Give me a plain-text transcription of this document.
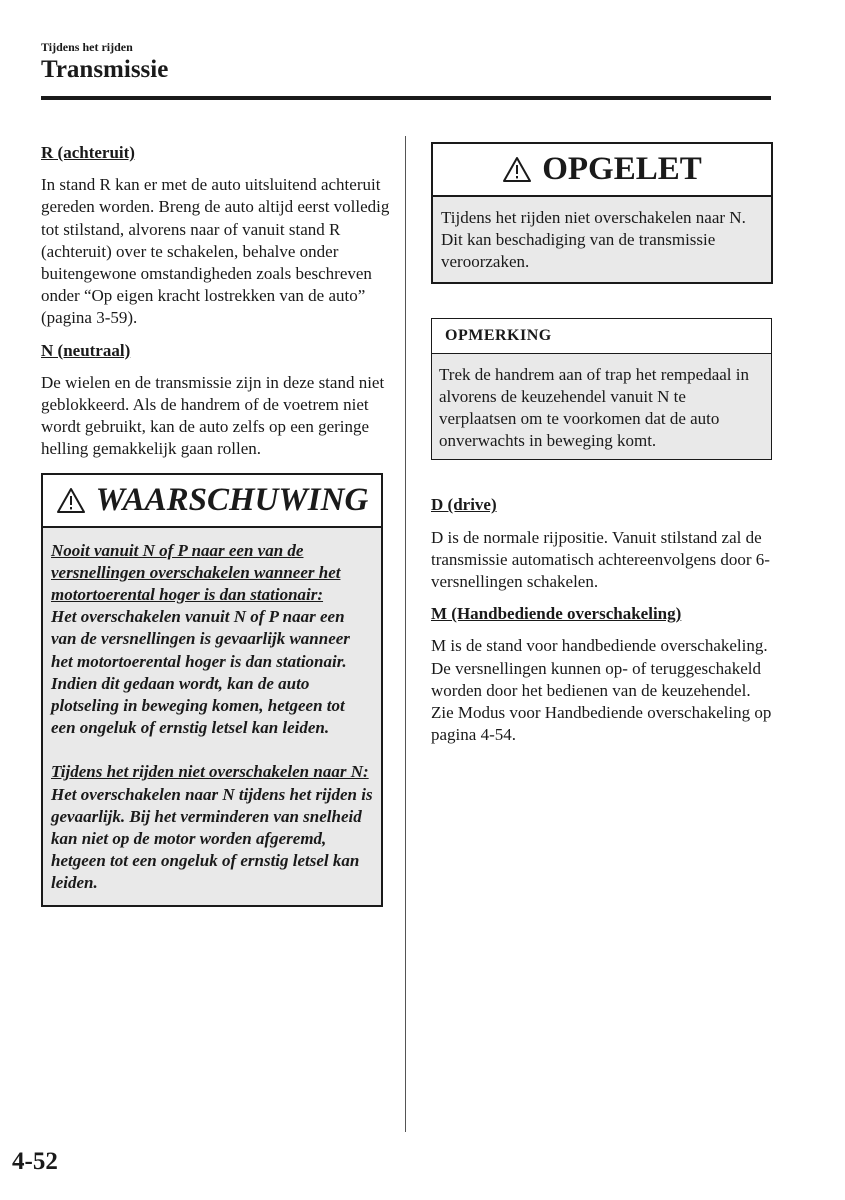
Tijdens het rijden
Transmissie

R (achteruit)

In stand R kan er met de auto uitsluitend achteruit gereden worden. Breng de auto altijd eerst volledig tot stilstand, alvorens naar of vanuit stand R (achteruit) over te schakelen, behalve onder buitengewone omstandigheden zoals beschreven onder “Op eigen kracht lostrekken van de auto” (pagina 3-59).

N (neutraal)

De wielen en de transmissie zijn in deze stand niet geblokkeerd. Als de handrem of de voetrem niet wordt gebruikt, kan de auto zelfs op een geringe helling gemakkelijk gaan rollen.

WAARSCHUWING

Nooit vanuit N of P naar een van de versnellingen overschakelen wanneer het motortoerental hoger is dan stationair:

Het overschakelen vanuit N of P naar een van de versnellingen is gevaarlijk wanneer het motortoerental hoger is dan stationair. Indien dit gedaan wordt, kan de auto plotseling in beweging komen, hetgeen tot een ongeluk of ernstig letsel kan leiden.

Tijdens het rijden niet overschakelen naar N:

Het overschakelen naar N tijdens het rijden is gevaarlijk. Bij het verminderen van snelheid kan niet op de motor worden afgeremd, hetgeen tot een ongeluk of ernstig letsel kan leiden.

OPGELET
Tijdens het rijden niet overschakelen naar N. Dit kan beschadiging van de transmissie veroorzaken.
OPMERKING
Trek de handrem aan of trap het rempedaal in alvorens de keuzehendel vanuit N te verplaatsen om te voorkomen dat de auto onverwachts in beweging komt.

D (drive)

D is de normale rijpositie. Vanuit stilstand zal de transmissie automatisch achtereenvolgens door 6-versnellingen schakelen.

M (Handbediende overschakeling)

M is de stand voor handbediende overschakeling. De versnellingen kunnen op- of teruggeschakeld worden door het bedienen van de keuzehendel. Zie Modus voor Handbediende overschakeling op pagina 4-54.

4-52
